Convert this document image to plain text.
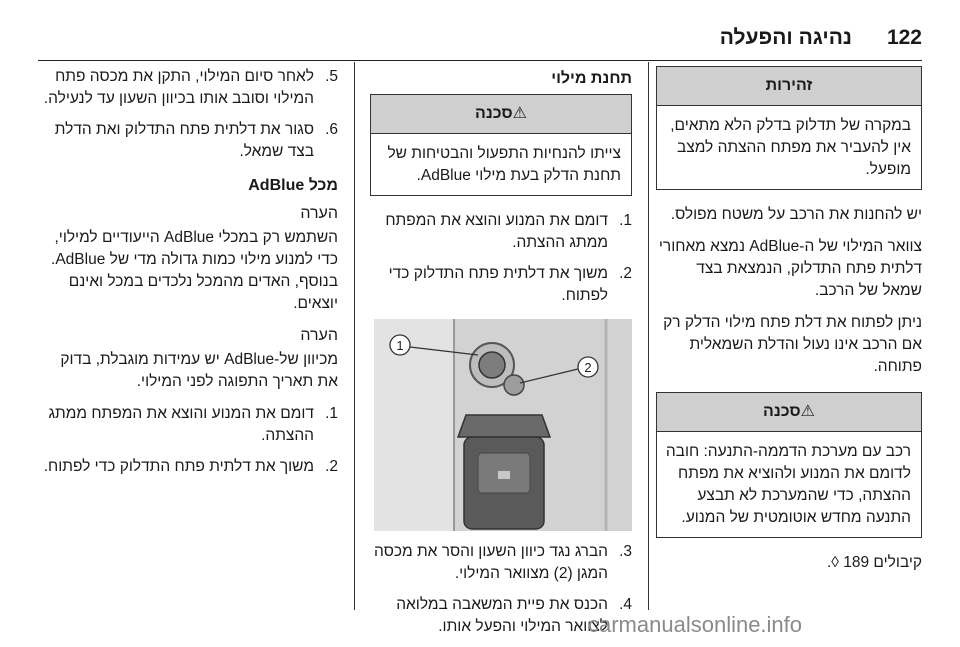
122
נהיגה והפעלה
זהירות
במקרה של תדלוק בדלק הלא מתאים, אין להעביר את מפתח ההצתה למצב מופעל.

יש להחנות את הרכב על משטח מפולס.

צוואר המילוי של ה-AdBlue נמצא מאחורי דלתית פתח התדלוק, הנמצאת בצד שמאל של הרכב.

ניתן לפתוח את דלת פתח מילוי הדלק רק אם הרכב אינו נעול והדלת השמאלית פתוחה.

⚠סכנה
רכב עם מערכת הדממה-התנעה: חובה לדומם את המנוע ולהוציא את מפתח ההצתה, כדי שהמערכת לא תבצע התנעה מחדש אוטומטית של המנוע.

קיבולים 189 ◊.

תחנת מילוי
⚠סכנה
צייתו להנחיות התפעול והבטיחות של תחנת הדלק בעת מילוי AdBlue.
1.
דומם את המנוע והוצא את המפתח ממתג ההצתה.
2.
משוך את דלתית פתח התדלוק כדי לפתוח.
1
2
3.
הברג נגד כיוון השעון והסר את מכסה המגן (2) מצוואר המילוי.
4.
הכנס את פיית המשאבה במלואה לצוואר המילוי והפעל אותו.
5.
לאחר סיום המילוי, התקן את מכסה פתח המילוי וסובב אותו בכיוון השעון עד לנעילה.
6.
סגור את דלתית פתח התדלוק ואת הדלת בצד שמאל.
מכל AdBlue
הערה

השתמש רק במכלי AdBlue הייעודיים למילוי, כדי למנוע מילוי כמות גדולה מדי של AdBlue. בנוסף, האדים מהמכל נלכדים במכל ואינם יוצאים.

הערה

מכיוון של-AdBlue יש עמידות מוגבלת, בדוק את תאריך התפוגה לפני המילוי.

1.
דומם את המנוע והוצא את המפתח ממתג ההצתה.
2.
משוך את דלתית פתח התדלוק כדי לפתוח.
carmanualsonline.info
